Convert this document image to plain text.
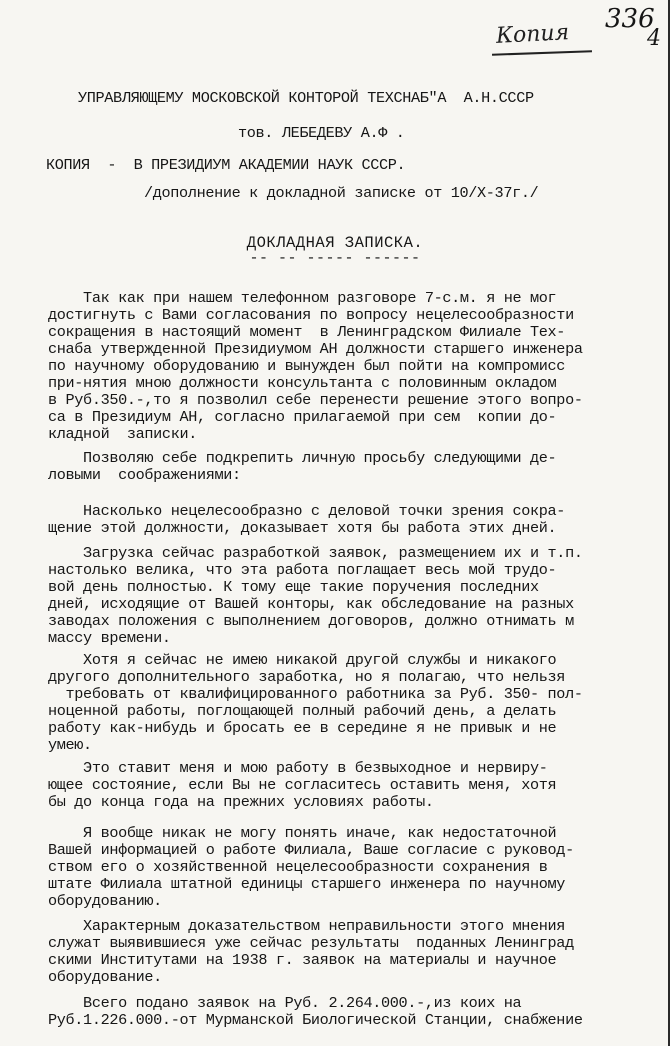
Копия
336
4
УПРАВЛЯЮЩЕМУ МОСКОВСКОЙ КОНТОРОЙ ТЕХСНАБ"А  А.Н.СССР
тов. ЛЕБЕДЕВУ А.Ф .
КОПИЯ  -  В ПРЕЗИДИУМ АКАДЕМИИ НАУК СССР.
/дополнение к докладной записке от 10/Х-37г./
ДОКЛАДНАЯ ЗАПИСКА.
-- -- ----- ------
Так как при нашем телефонном разговоре 7-с.м. я не мог
достигнуть с Вами согласования по вопросу нецелесообразности
сокращения в настоящий момент  в Ленинградском Филиале Тех-
снаба утвержденной Президиумом АН должности старшего инженера
по научному оборудованию и вынужден был пойти на компромисс
при-нятия мною должности консультанта с половинным окладом
в Руб.350.-,то я позволил себе перенести решение этого вопро-
са в Президиум АН, согласно прилагаемой при сем  копии до-
кладной  записки.
Позволяю себе подкрепить личную просьбу следующими де-
ловыми  соображениями:
Насколько нецелесообразно с деловой точки зрения сокра-
щение этой должности, доказывает хотя бы работа этих дней.
Загрузка сейчас разработкой заявок, размещением их и т.п.
настолько велика, что эта работа поглащает весь мой трудо-
вой день полностью. К тому еще такие поручения последних
дней, исходящие от Вашей конторы, как обследование на разных
заводах положения с выполнением договоров, должно отнимать м
массу времени.
Хотя я сейчас не имею никакой другой службы и никакого
другого дополнительного зарaботка, но я полагаю, что нельзя
требовать от квалифицированного работника за Руб. 350- пол-
ноценной работы, поглощающей полный рабочий день, а делать
работу как-нибудь и бросать ее в середине я не привык и не
умею.
Это ставит меня и мою работу в безвыходное и нервиру-
ющее состояние, если Вы не согласитесь оставить меня, хотя
бы до конца года на прежних условиях работы.
Я вообще никак не могу понять иначе, как недостаточной
Вашей информацией о работе Филиала, Ваше согласие с руковод-
ством его о хозяйственной нецелесообразности сохранения в
штате Филиала штатной единицы старшего инженера по научному
оборудованию.
Характерным доказательством неправильности этого мнения
служат выявившиеся уже сейчас результаты  поданных Ленинград
скими Институтами на 1938 г. заявок на материалы и научное
оборудование.
Всего подано заявок на Руб. 2.264.000.-,из коих на
Руб.1.226.000.-от Мурманской Биологической Станции, снабжение
